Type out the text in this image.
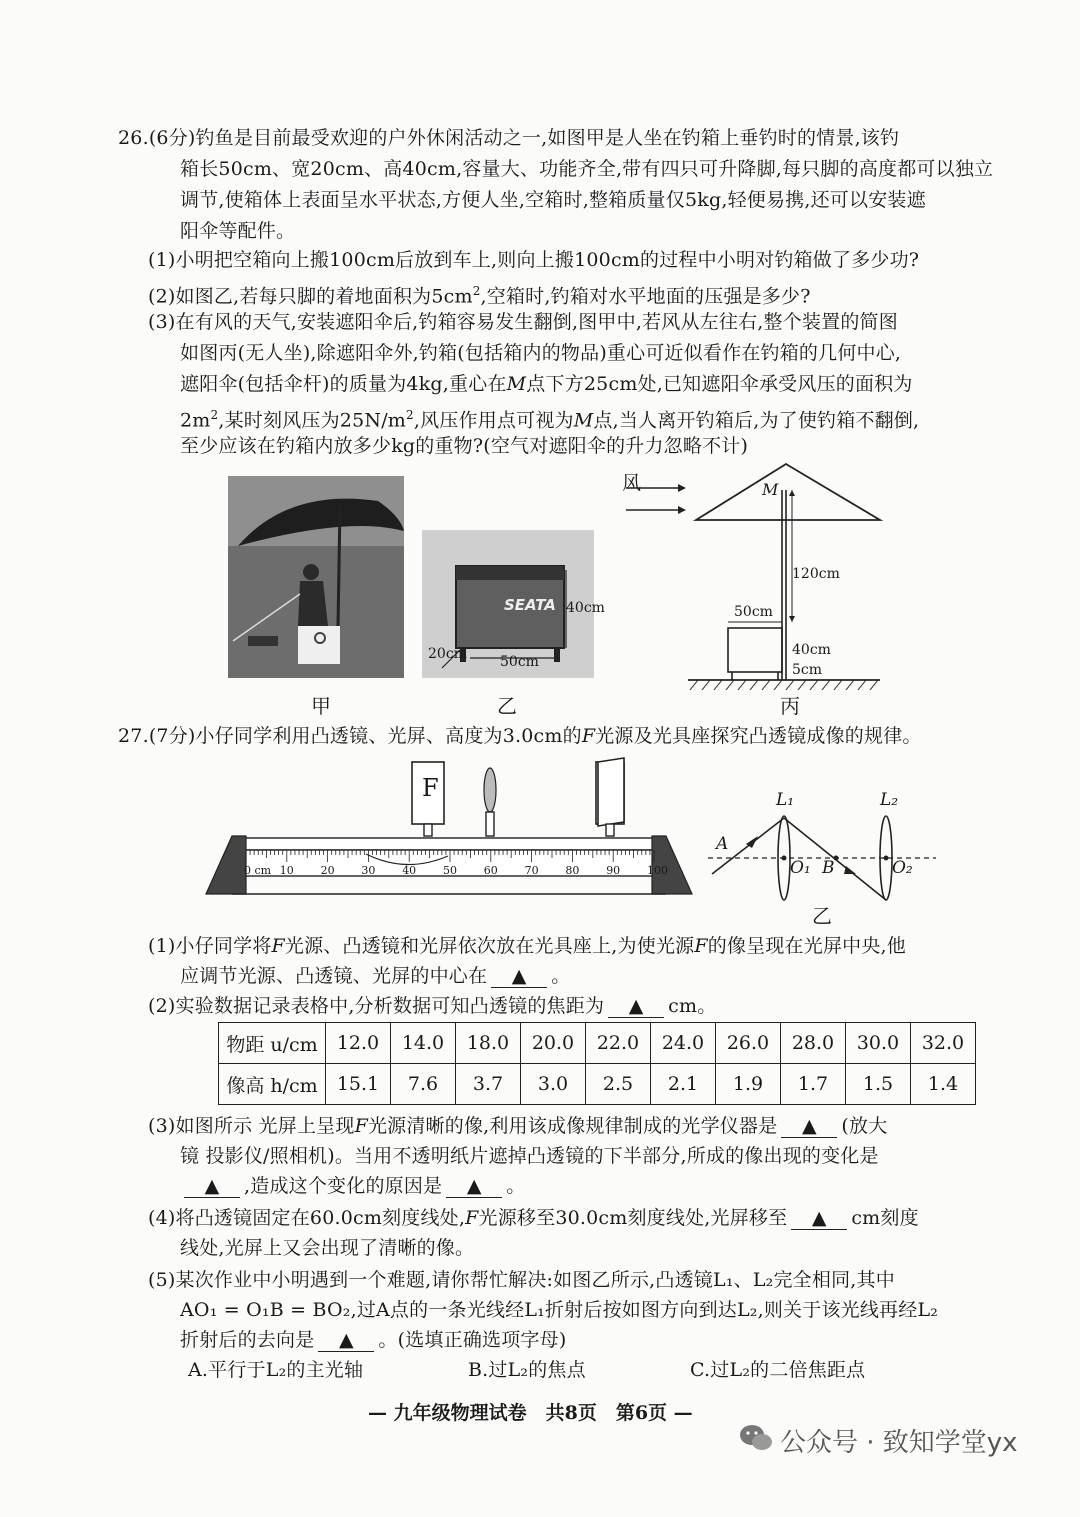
26.(6分)钓鱼是目前最受欢迎的户外休闲活动之一,如图甲是人坐在钓箱上垂钓时的情景,该钓
箱长50cm、宽20cm、高40cm,容量大、功能齐全,带有四只可升降脚,每只脚的高度都可以独立
调节,使箱体上表面呈水平状态,方便人坐,空箱时,整箱质量仅5kg,轻便易携,还可以安装遮
阳伞等配件。
(1)小明把空箱向上搬100cm后放到车上,则向上搬100cm的过程中小明对钓箱做了多少功?
(2)如图乙,若每只脚的着地面积为$5cm^2$,空箱时,钓箱对水平地面的压强是多少?
(3)在有风的天气,安装遮阳伞后,钓箱容易发生翻倒,图甲中,若风从左往右,整个装置的简图
如图丙(无人坐),除遮阳伞外,钓箱(包括箱内的物品)重心可近似看作在钓箱的几何中心,
遮阳伞(包括伞杆)的质量为4kg,重心在M点下方25cm处,已知遮阳伞承受风压的面积为
$2m^2$,某时刻风压为$25N/m^2$,风压作用点可视为M点,当人离开钓箱后,为了使钓箱不翻倒,
至少应该在钓箱内放多少kg的重物?(空气对遮阳伞的升力忽略不计)
甲
SEATA 40cm
20cm 50cm
乙
风	M
120cm
50cm
40cm
5cm
丙
27.(7分)小仔同学利用凸透镜、光屏、高度为3.0cm的F光源及光具座探究凸透镜成像的规律。
F
0 cm 10 20 30 40 50 60 70 80 90 100
L₁	L₂
A
O₁ B	O₂
乙
(1)小仔同学将F光源、凸透镜和光屏依次放在光具座上,为使光源F的像呈现在光屏中央,他
应调节光源、凸透镜、光屏的中心在 ▲ 。
(2)实验数据记录表格中,分析数据可知凸透镜的焦距为 ▲ cm。
物距 u/cm	12.0	14.0	18.0	20.0	22.0	24.0	26.0	28.0	30.0	32.0
像高 h/cm	15.1	7.6	3.7	3.0	2.5	2.1	1.9	1.7	1.5	1.4
(3)如图所示 光屏上呈现F光源清晰的像,利用该成像规律制成的光学仪器是 ▲ (放大
镜 投影仪/照相机)。当用不透明纸片遮掉凸透镜的下半部分,所成的像出现的变化是
▲ ,造成这个变化的原因是 ▲ 。
(4)将凸透镜固定在60.0cm刻度线处,F光源移至30.0cm刻度线处,光屏移至 ▲ cm刻度
线处,光屏上又会出现了清晰的像。
(5)某次作业中小明遇到一个难题,请你帮忙解决:如图乙所示,凸透镜L₁、L₂完全相同,其中
AO₁ = O₁B = BO₂,过A点的一条光线经L₁折射后按如图方向到达L₂,则关于该光线再经L₂
折射后的去向是 ▲ 。(选填正确选项字母)
A.平行于L₂的主光轴	B.过L₂的焦点	C.过L₂的二倍焦距点
— 九年级物理试卷　共8页　第6页 —
公众号 · 致知学堂yx
